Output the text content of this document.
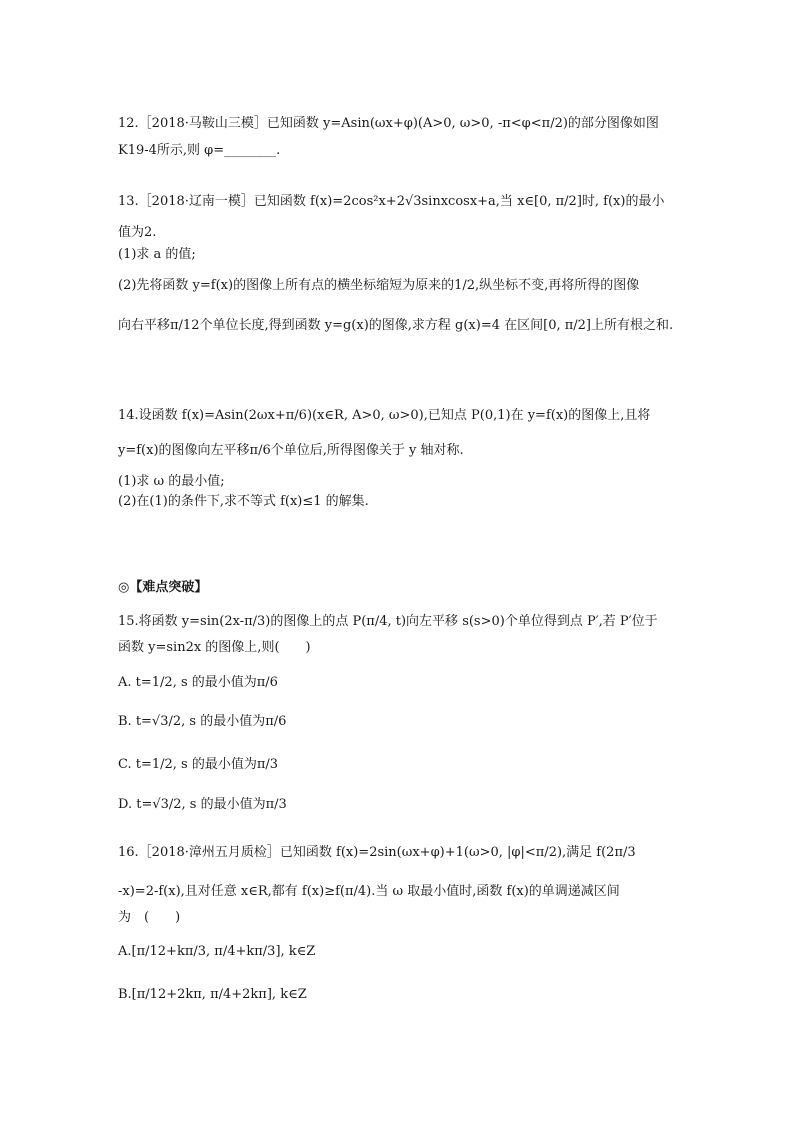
12.［2018·马鞍山三模］已知函数 y=Asin(ωx+φ)(A>0, ω>0, -π<φ<π/2)的部分图像如图
K19-4所示,则 φ=________.
13.［2018·辽南一模］已知函数 f(x)=2cos²x+2√3sinxcosx+a,当 x∈[0, π/2]时, f(x)的最小
值为2.
(1)求 a 的值;
(2)先将函数 y=f(x)的图像上所有点的横坐标缩短为原来的1/2,纵坐标不变,再将所得的图像
向右平移π/12个单位长度,得到函数 y=g(x)的图像,求方程 g(x)=4 在区间[0, π/2]上所有根之和.
14.设函数 f(x)=Asin(2ωx+π/6)(x∈R, A>0, ω>0),已知点 P(0,1)在 y=f(x)的图像上,且将
y=f(x)的图像向左平移π/6个单位后,所得图像关于 y 轴对称.
(1)求 ω 的最小值;
(2)在(1)的条件下,求不等式 f(x)≤1 的解集.
◎【难点突破】
15.将函数 y=sin(2x-π/3)的图像上的点 P(π/4, t)向左平移 s(s>0)个单位得到点 P′,若 P′位于
函数 y=sin2x 的图像上,则(　　)
A. t=1/2, s 的最小值为π/6
B. t=√3/2, s 的最小值为π/6
C. t=1/2, s 的最小值为π/3
D. t=√3/2, s 的最小值为π/3
16.［2018·漳州五月质检］已知函数 f(x)=2sin(ωx+φ)+1(ω>0, |φ|<π/2),满足 f(2π/3
-x)=2-f(x),且对任意 x∈R,都有 f(x)≥f(π/4).当 ω 取最小值时,函数 f(x)的单调递减区间
为　(　　)
A.[π/12+kπ/3, π/4+kπ/3], k∈Z
B.[π/12+2kπ, π/4+2kπ], k∈Z
